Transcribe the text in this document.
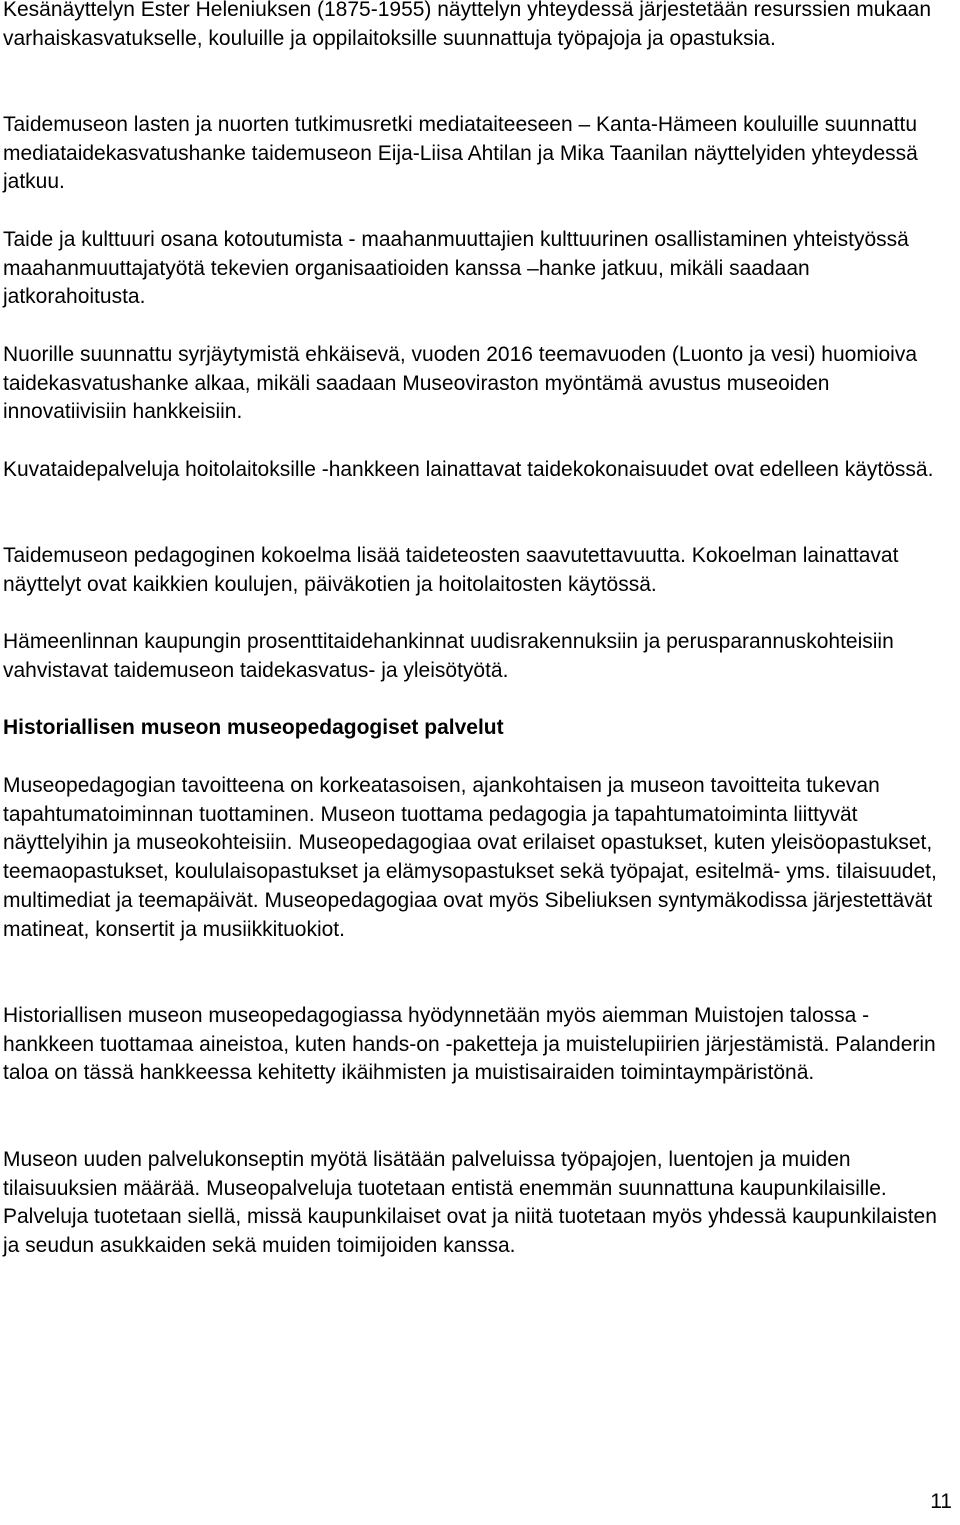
Kesänäyttelyn Ester Heleniuksen (1875-1955) näyttelyn yhteydessä järjestetään resurssien mukaan varhaiskasvatukselle, kouluille ja oppilaitoksille suunnattuja työpajoja ja opastuksia.

Taidemuseon lasten ja nuorten tutkimusretki mediataiteeseen – Kanta-Hämeen kouluille suunnattu mediataidekasvatushanke taidemuseon Eija-Liisa Ahtilan ja Mika Taanilan näyttelyiden yhteydessä jatkuu.

Taide ja kulttuuri osana kotoutumista - maahanmuuttajien kulttuurinen osallistaminen yhteistyössä maahanmuuttajatyötä tekevien organisaatioiden kanssa –hanke jatkuu, mikäli saadaan jatkorahoitusta.

Nuorille suunnattu syrjäytymistä ehkäisevä, vuoden 2016 teemavuoden (Luonto ja vesi) huomioiva taidekasvatushanke alkaa, mikäli saadaan Museoviraston myöntämä avustus museoiden innovatiivisiin hankkeisiin.

Kuvataidepalveluja hoitolaitoksille -hankkeen lainattavat taidekokonaisuudet ovat edelleen käytössä.

Taidemuseon pedagoginen kokoelma lisää taideteosten saavutettavuutta. Kokoelman lainattavat näyttelyt ovat kaikkien koulujen, päiväkotien ja hoitolaitosten käytössä.

Hämeenlinnan kaupungin prosenttitaidehankinnat uudisrakennuksiin ja perusparannuskohteisiin vahvistavat taidemuseon taidekasvatus- ja yleisötyötä.

Historiallisen museon museopedagogiset palvelut

Museopedagogian tavoitteena on korkeatasoisen, ajankohtaisen ja museon tavoitteita tukevan tapahtumatoiminnan tuottaminen. Museon tuottama pedagogia ja tapahtumatoiminta liittyvät näyttelyihin ja museokohteisiin. Museopedagogiaa ovat erilaiset opastukset, kuten yleisöopastukset, teemaopastukset, koululaisopastukset ja elämysopastukset sekä työpajat, esitelmä- yms. tilaisuudet, multimediat ja teemapäivät. Museopedagogiaa ovat myös Sibeliuksen syntymäkodissa järjestettävät matineat, konsertit ja musiikkituokiot.

Historiallisen museon museopedagogiassa hyödynnetään myös aiemman Muistojen talossa -hankkeen tuottamaa aineistoa, kuten hands-on -paketteja ja muistelupiirien järjestämistä. Palanderin taloa on tässä hankkeessa kehitetty ikäihmisten ja muistisairaiden toimintaympäristönä.

Museon uuden palvelukonseptin myötä lisätään palveluissa työpajojen, luentojen ja muiden tilaisuuksien määrää. Museopalveluja tuotetaan entistä enemmän suunnattuna kaupunkilaisille. Palveluja tuotetaan siellä, missä kaupunkilaiset ovat ja niitä tuotetaan myös yhdessä kaupunkilaisten ja seudun asukkaiden sekä muiden toimijoiden kanssa.

11
